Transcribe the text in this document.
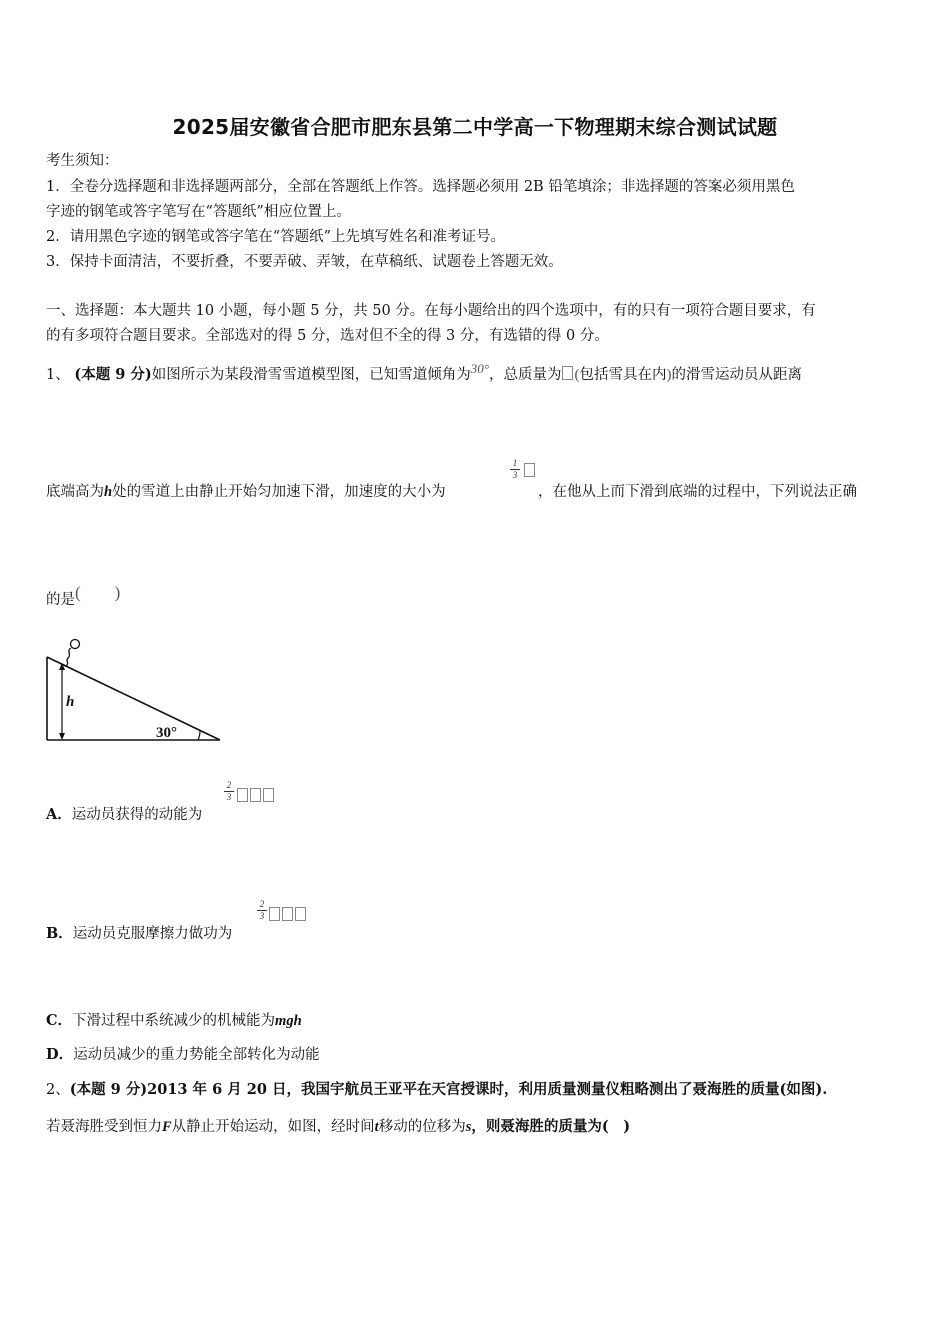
2025届安徽省合肥市肥东县第二中学高一下物理期末综合测试试题
考生须知：
1．全卷分选择题和非选择题两部分，全部在答题纸上作答。选择题必须用 2B 铅笔填涂；非选择题的答案必须用黑色
字迹的钢笔或答字笔写在“答题纸”相应位置上。
2．请用黑色字迹的钢笔或答字笔在“答题纸”上先填写姓名和准考证号。
3．保持卡面清洁，不要折叠，不要弄破、弄皱，在草稿纸、试题卷上答题无效。
一、选择题：本大题共 10 小题，每小题 5 分，共 50 分。在每小题给出的四个选项中，有的只有一项符合题目要求，有
的有多项符合题目要求。全部选对的得 5 分，选对但不全的得 3 分，有选错的得 0 分。
1、 (本题 9 分)如图所示为某段滑雪雪道模型图，已知雪道倾角为30°，总质量为 (包括雪具在内)的滑雪运动员从距离
底端高为h处的雪道上由静止开始匀加速下滑，加速度的大小为
1
3
，在他从上而下滑到底端的过程中，下列说法正确
的是(　　)
h
30°
2
3
A．运动员获得的动能为
2
3
B．运动员克服摩擦力做功为
C．下滑过程中系统减少的机械能为mgh
D．运动员减少的重力势能全部转化为动能
2、(本题 9 分)2013 年 6 月 20 日，我国宇航员王亚平在天宫授课时，利用质量测量仪粗略测出了聂海胜的质量(如图).
若聂海胜受到恒力F从静止开始运动，如图，经时间t移动的位移为s，则聂海胜的质量为(　)
